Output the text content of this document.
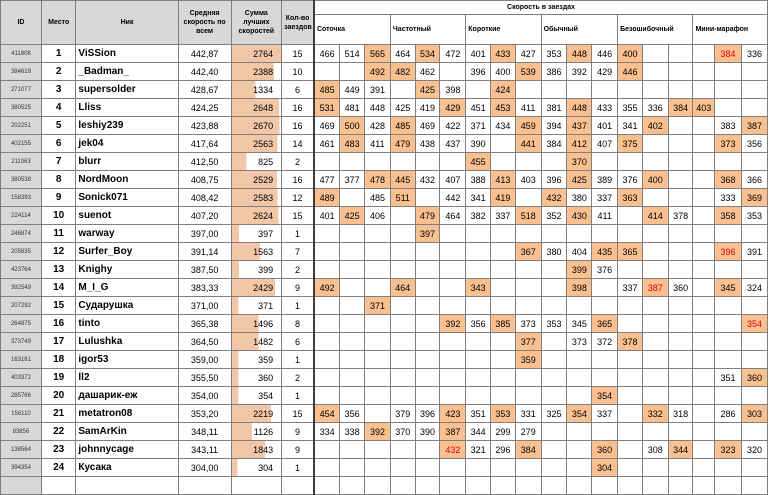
ID	Место	Ник	Средняя скорость по всем	Сумма лучших скоростей	Кол-во заездов	Скорость в заездах																	
						Соточка			Частотный			Короткие			Обычный			Безошибочный			Мини-марафон		
411808	1	ViSSion	442,87	2764	15	466	514	565	464	534	472	401	433	427	353	448	446	400				384	336
384619	2	_Badman_	442,40	2388	10			492	482	462		396	400	539	386	392	429	446					
271077	3	supersolder	428,67	1334	6	485	449	391		425	398		424										
380525	4	Lliss	424,25	2648	16	531	481	448	425	419	429	451	453	411	381	448	433	355	336	384	403		
202251	5	leshiy239	423,88	2670	16	469	500	428	485	469	422	371	434	459	394	437	401	341	402			383	387
402155	6	jek04	417,64	2563	14	461	483	411	479	438	437	390		441	384	412	407	375				373	356
211063	7	blurr	412,50	825	2							455				370							
380538	8	NordMoon	408,75	2529	16	477	377	478	445	432	407	388	413	403	396	425	389	376	400			368	366
158393	9	Sonick071	408,42	2583	12	489		485	511		442	341	419		432	380	337	363				333	369
224114	10	suenot	407,20	2624	15	401	425	406		479	464	382	337	518	352	430	411		414	378		358	353
246874	11	warway	397,00	397	1					397													
205835	12	Surfer_Boy	391,14	1563	7									367	380	404	435	365				396	391
423764	13	Knighy	387,50	399	2											399	376						
392549	14	M_I_G	383,33	2429	9	492			464			343				398		337	387	360		345	324
207292	15	Сударушка	371,00	371	1			371															
264875	16	tinto	365,38	1496	8						392	356	385	373	353	345	365						354
373749	17	Lulushka	364,50	1482	6									377		373	372	378					
163161	18	igor53	359,00	359	1									359									
403372	19	ll2	355,50	360	2																	351	360
285766	20	дашарик-еж	354,00	354	1												354						
156110	21	metatron08	353,20	2219	15	454	356		379	396	423	351	353	331	325	354	337		332	318		286	303
83856	22	SamArKin	348,11	1126	9	334	338	392	370	390	387	344	299	279									
138564	23	johnnycage	343,11	1843	9						432	321	296	384			360		308	344		323	320
394354	24	Кусака	304,00	304	1												304						
